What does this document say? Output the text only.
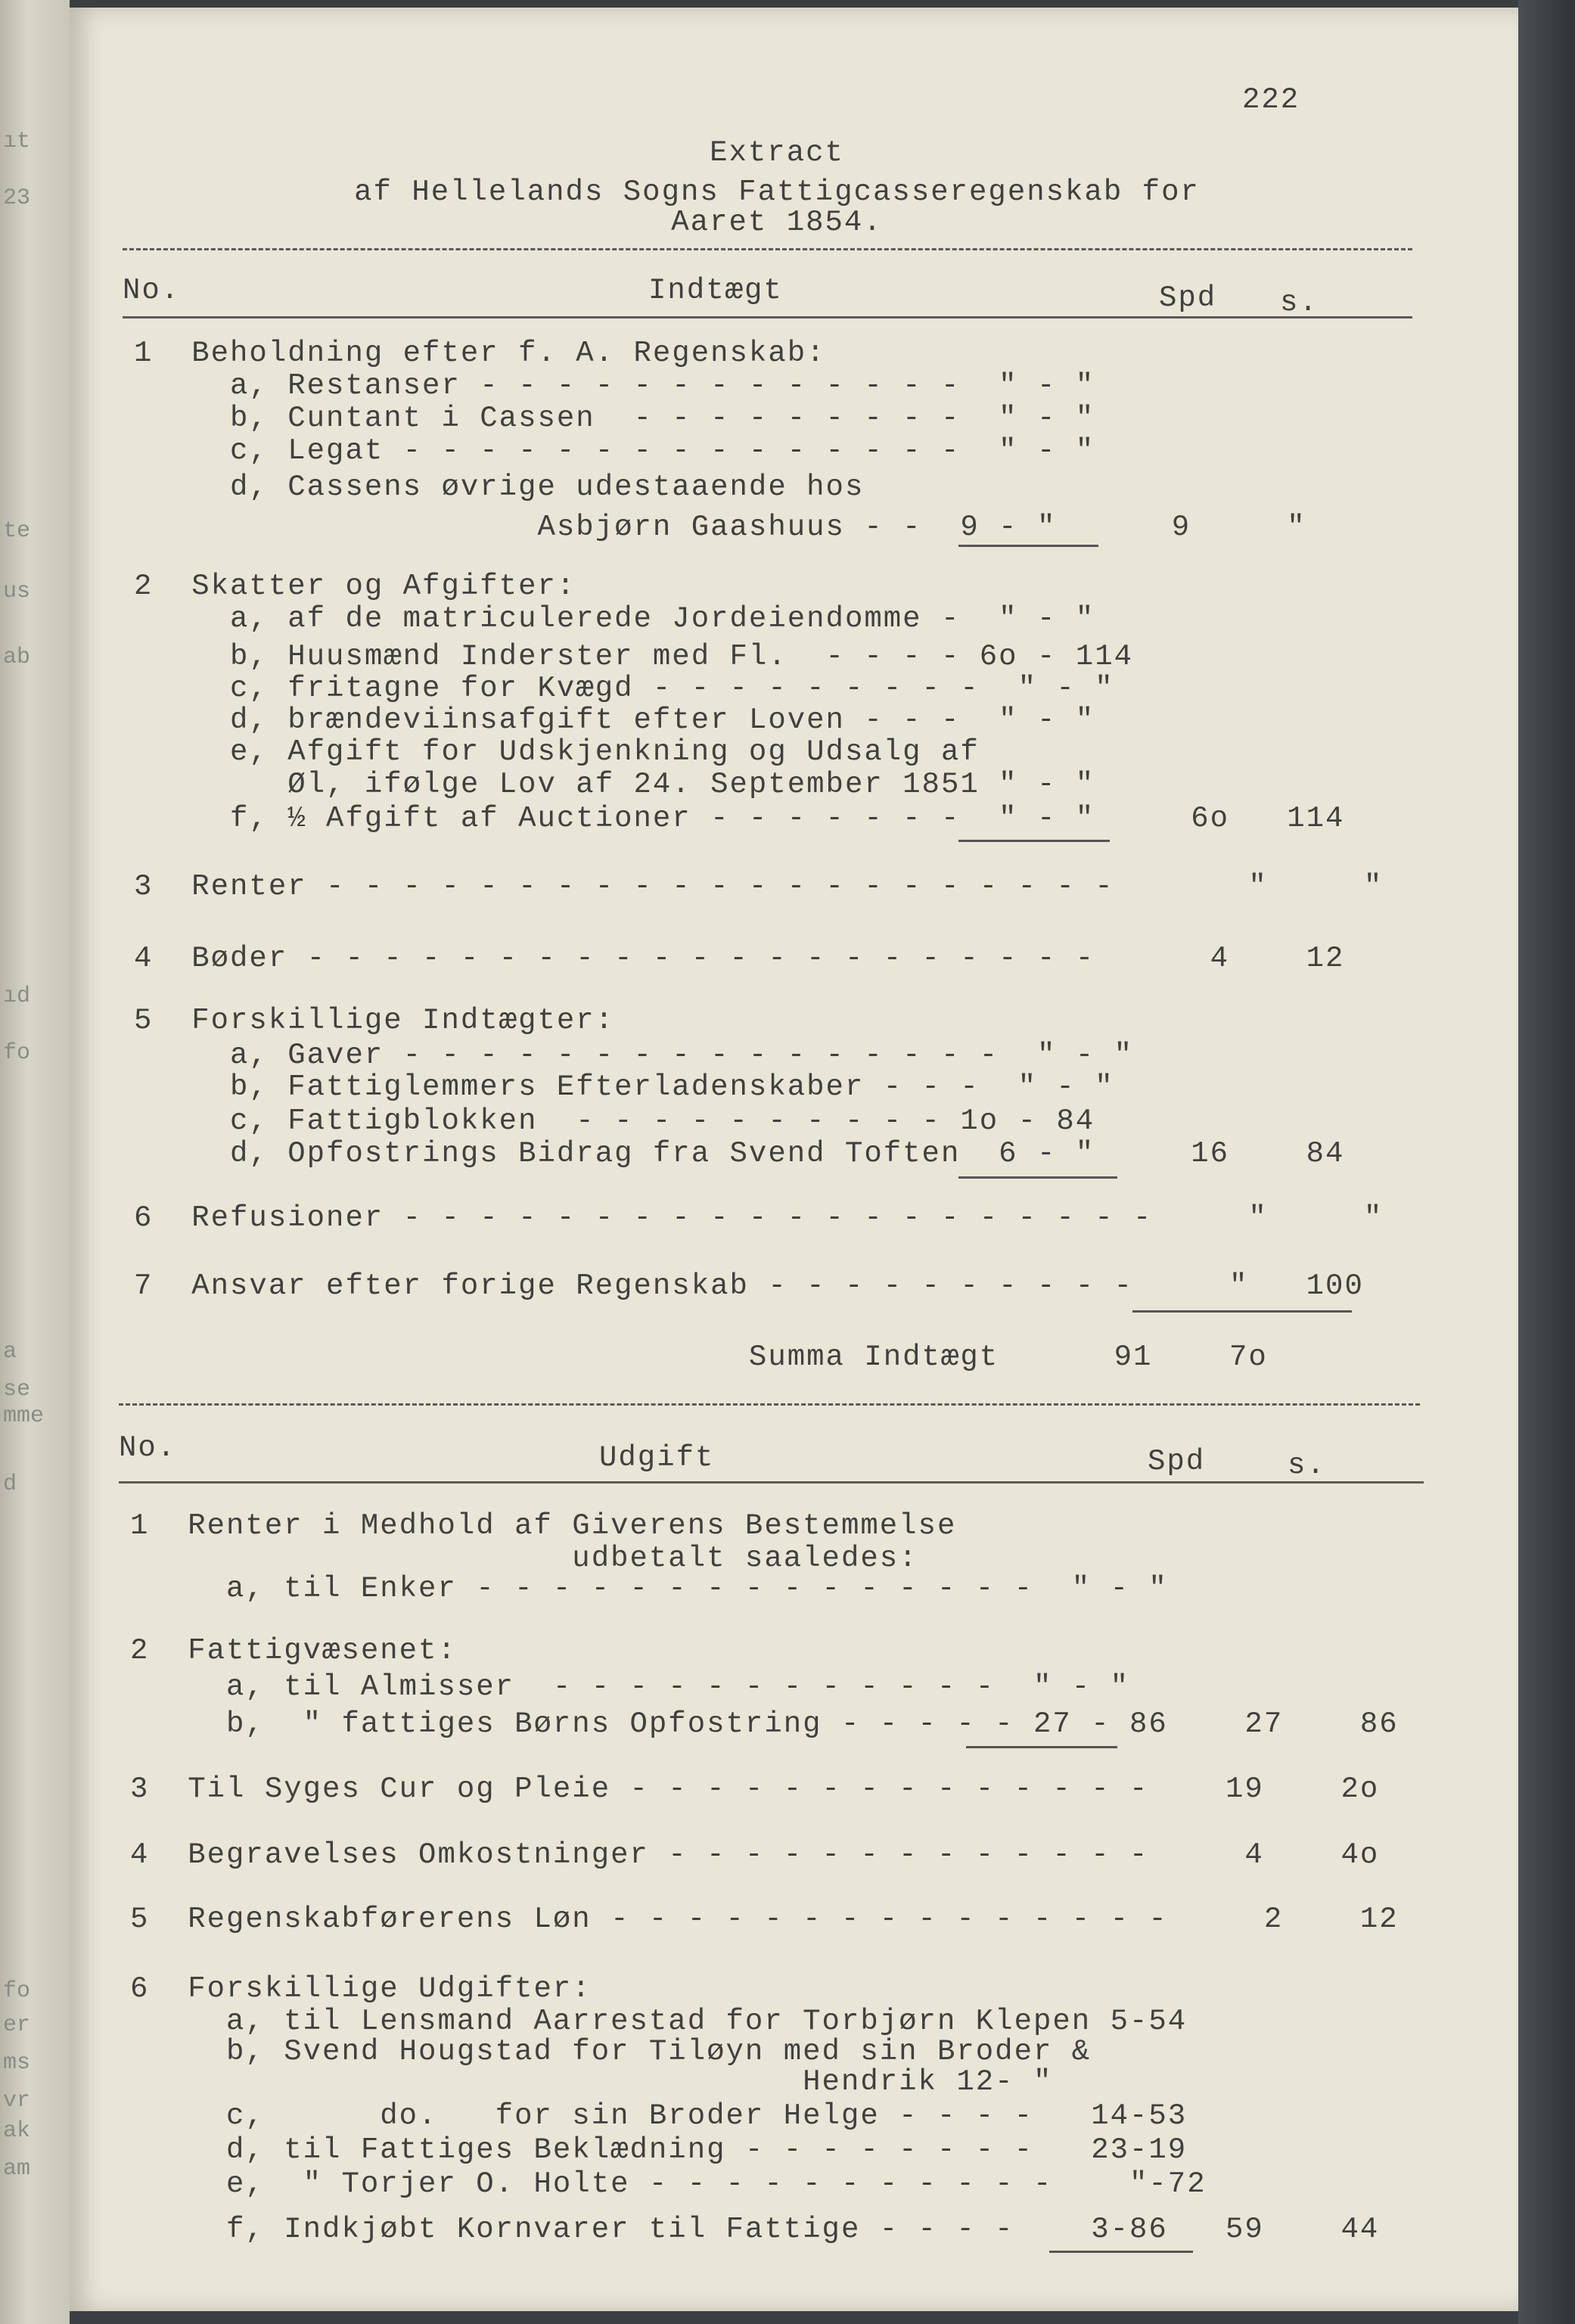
ıt
23
te
us
ab
ıd
fo
a
se
mme
d
fo
er
ms
vr
ak
am
222
Extract
af Hellelands Sogns Fattigcasseregenskab for
Aaret 1854.
No.	Indtægt	Spd s.
1  Beholdning efter f. A. Regenskab:
a, Restanser - - - - - - - - - - - - -  " - "
b, Cuntant i Cassen  - - - - - - - - -  " - "
c, Legat - - - - - - - - - - - - - - -  " - "
d, Cassens øvrige udestaaende hos
Asbjørn Gaashuus - -  9 - "      9     "
2  Skatter og Afgifter:
a, af de matriculerede Jordeiendomme -  " - "
b, Huusmænd Inderster med Fl.  - - - - 6o - 114
c, fritagne for Kvægd - - - - - - - - -  " - "
d, brændeviinsafgift efter Loven - - -  " - "
e, Afgift for Udskjenkning og Udsalg af
Øl, ifølge Lov af 24. September 1851 " - "
f, ½ Afgift af Auctioner - - - - - - -  " - "     6o   114
3  Renter - - - - - - - - - - - - - - - - - - - - -       "     "
4  Bøder - - - - - - - - - - - - - - - - - - - - -      4    12
5  Forskillige Indtægter:
a, Gaver - - - - - - - - - - - - - - - -  " - "
b, Fattiglemmers Efterladenskaber - - -  " - "
c, Fattigblokken  - - - - - - - - - - 1o - 84
d, Opfostrings Bidrag fra Svend Toften  6 - "     16    84
6  Refusioner - - - - - - - - - - - - - - - - - - - -     "     "
7  Ansvar efter forige Regenskab - - - - - - - - - -     "   100
Summa Indtægt      91    7o
No.	Udgift	Spd	s.
1  Renter i Medhold af Giverens Bestemmelse
udbetalt saaledes:
a, til Enker - - - - - - - - - - - - - - -  " - "
2  Fattigvæsenet:
a, til Almisser  - - - - - - - - - - - -  " - "
b,  " fattiges Børns Opfostring - - - - - 27 - 86    27    86
3  Til Syges Cur og Pleie - - - - - - - - - - - - - -    19    2o
4  Begravelses Omkostninger - - - - - - - - - - - - -     4    4o
5  Regenskabførerens Løn - - - - - - - - - - - - - - -     2    12
6  Forskillige Udgifter:
a, til Lensmand Aarrestad for Torbjørn Klepen 5-54
b, Svend Hougstad for Tiløyn med sin Broder &
Hendrik 12- "
c,      do.   for sin Broder Helge - - - -   14-53
d, til Fattiges Beklædning - - - - - - - -   23-19
e,  " Torjer O. Holte - - - - - - - - - - -    "-72
f, Indkjøbt Kornvarer til Fattige - - - -    3-86   59    44
